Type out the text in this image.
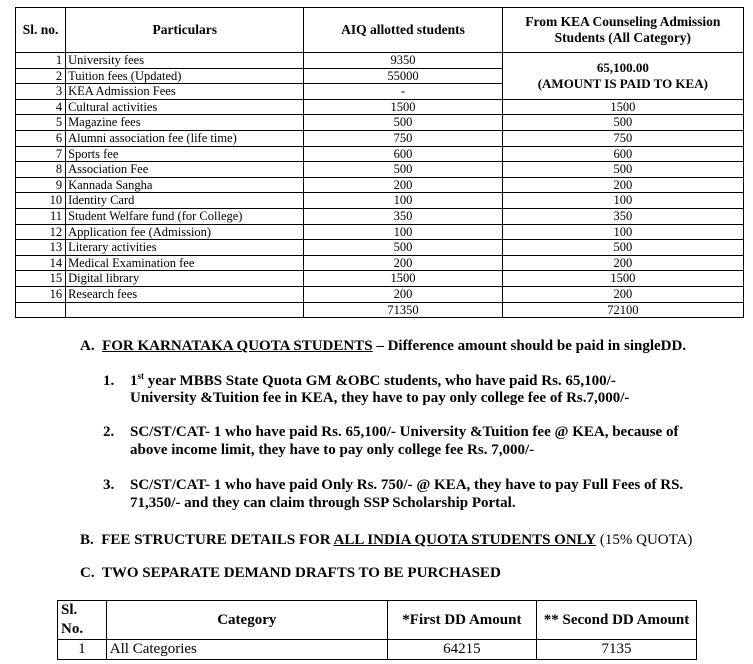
Sl. no.	Particulars	AIQ allotted students	From KEA Counseling Admission
Students (All Category)
1	University fees	9350	65,100.00
(AMOUNT IS PAID TO KEA)
2	Tuition fees (Updated)	55000	
3	KEA Admission Fees	-	
4	Cultural activities	1500	1500
5	Magazine fees	500	500
6	Alumni association fee (life time)	750	750
7	Sports fee	600	600
8	Association Fee	500	500
9	Kannada Sangha	200	200
10	Identity Card	100	100
11	Student Welfare fund (for College)	350	350
12	Application fee (Admission)	100	100
13	Literary activities	500	500
14	Medical Examination fee	200	200
15	Digital library	1500	1500
16	Research fees	200	200
		71350	72100
A. FOR KARNATAKA QUOTA STUDENTS – Difference amount should be paid in singleDD.
1. 1st year MBBS State Quota GM &OBC students, who have paid Rs. 65,100/-
University &Tuition fee in KEA, they have to pay only college fee of Rs.7,000/-
2. SC/ST/CAT- 1 who have paid Rs. 65,100/- University &Tuition fee @ KEA, because of
above income limit, they have to pay only college fee Rs. 7,000/-
3. SC/ST/CAT- 1 who have paid Only Rs. 750/- @ KEA, they have to pay Full Fees of RS.
71,350/- and they can claim through SSP Scholarship Portal.
B. FEE STRUCTURE DETAILS FOR ALL INDIA QUOTA STUDENTS ONLY (15% QUOTA)
C. TWO SEPARATE DEMAND DRAFTS TO BE PURCHASED
Sl. No.	Category	*First DD Amount	** Second DD Amount
1	All Categories	64215	7135
